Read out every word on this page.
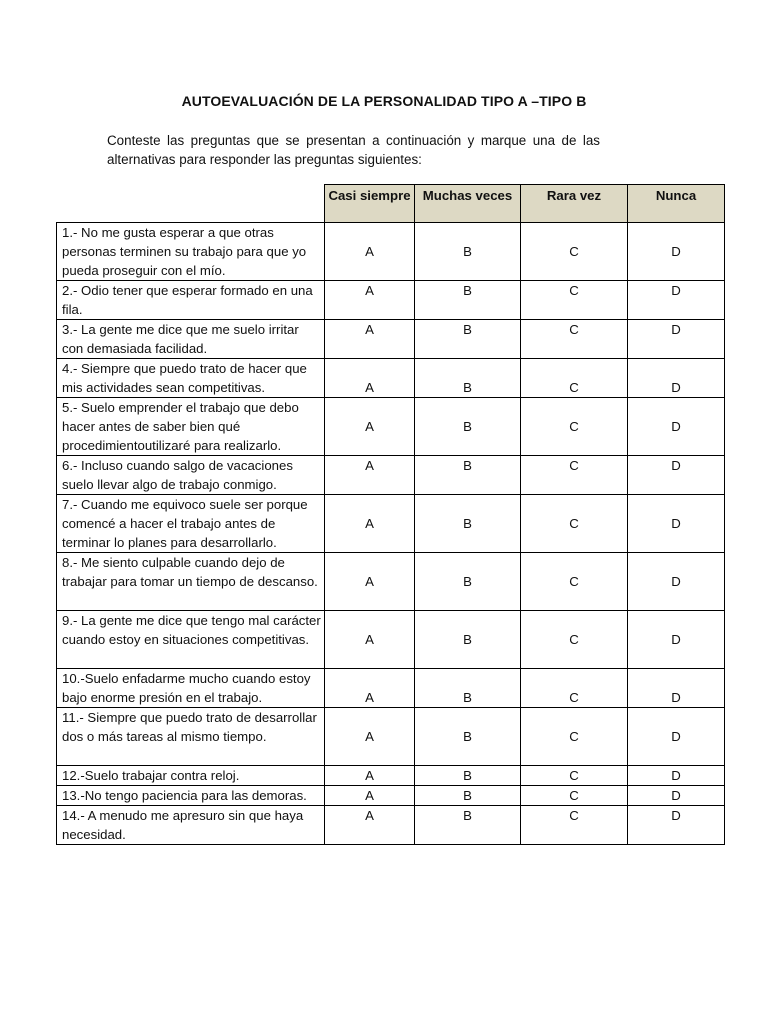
AUTOEVALUACIÓN DE LA PERSONALIDAD TIPO A –TIPO B
Conteste las preguntas que se presentan a continuación y marque una de las alternativas para responder las preguntas siguientes:
	Casi siempre	Muchas veces	Rara vez	Nunca
1.- No me gusta esperar a que otras personas terminen su trabajo para que yo pueda proseguir con el mío.	A	B	C	D
2.- Odio tener que esperar formado en una fila.	A	B	C	D
3.- La gente me dice que me suelo irritar con demasiada facilidad.	A	B	C	D
4.- Siempre que puedo trato de hacer que mis actividades sean competitivas.	A	B	C	D
5.- Suelo emprender el trabajo que debo hacer antes de saber bien qué procedimientoutilizaré para realizarlo.	A	B	C	D
6.- Incluso cuando salgo de vacaciones suelo llevar algo de trabajo conmigo.	A	B	C	D
7.- Cuando me equivoco suele ser porque comencé a hacer el trabajo antes de terminar lo planes para desarrollarlo.	A	B	C	D
8.- Me siento culpable cuando dejo de trabajar para tomar un tiempo de descanso.	A	B	C	D
9.- La gente me dice que tengo mal carácter cuando estoy en situaciones competitivas.	A	B	C	D
10.-Suelo enfadarme mucho cuando estoy bajo enorme presión en el trabajo.	A	B	C	D
11.- Siempre que puedo trato de desarrollar dos o más tareas al mismo tiempo.	A	B	C	D
12.-Suelo trabajar contra reloj.	A	B	C	D
13.-No tengo paciencia para las demoras.	A	B	C	D
14.- A menudo me apresuro sin que haya necesidad.	A	B	C	D
